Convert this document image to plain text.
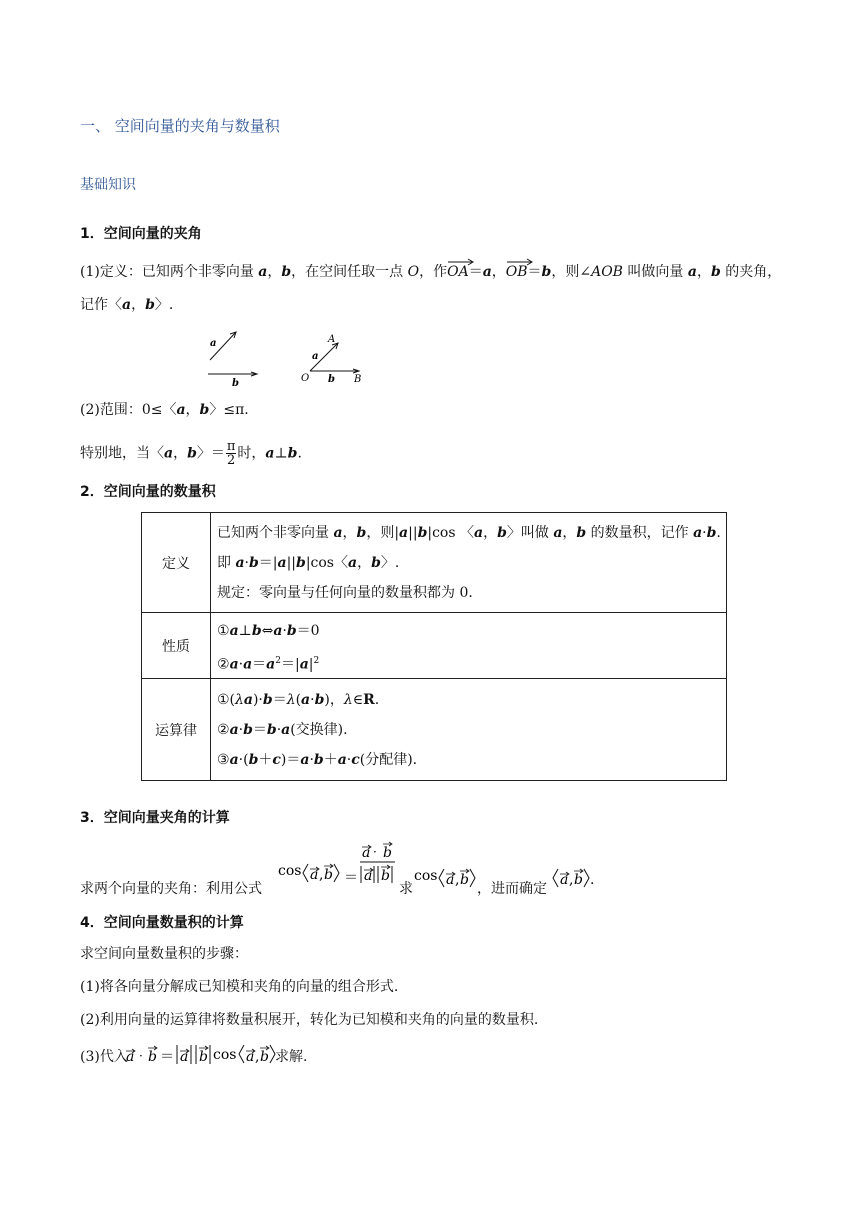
一、 空间向量的夹角与数量积
基础知识
1．空间向量的夹角
(1)定义：已知两个非零向量 a，b，在空间任取一点 O，作
OA＝a，
OB＝b，则∠AOB 叫做向量 a，b 的夹角，
记作〈a，b〉.
a
b
A
a
O b B
(2)范围：0≤〈a，b〉≤π.
特别地，当〈a，b〉＝ $\frac{\pi}{2}$ 时，a⊥b.
2．空间向量的数量积
定义	已知两个非零向量 a，b，则|a||b|cos 〈a，b〉叫做 a，b 的数量积，记作 a·b.
即 a·b＝|a||b|cos〈a，b〉.
规定：零向量与任何向量的数量积都为 0.

性质	①a⊥b⇔a·b＝0
$②a\cdot a=a^2=|a|^2$

运算律	①(λa)·b＝λ(a·b)，λ∈R.
②a·b＝b·a(交换律).
③a·(b＋c)＝a·b＋a·c(分配律).
3．空间向量夹角的计算
求两个向量的夹角：利用公式
cos a , b ＝
a · b
a b
求
cos a , b
，进而确定
a , b .
4．空间向量数量积的计算
求空间向量数量积的步骤：
(1)将各向量分解成已知模和夹角的向量的组合形式.
(2)利用向量的运算律将数量积展开，转化为已知模和夹角的向量的数量积.
(3)代入
a · b ＝ a b cos a , b 求解.
